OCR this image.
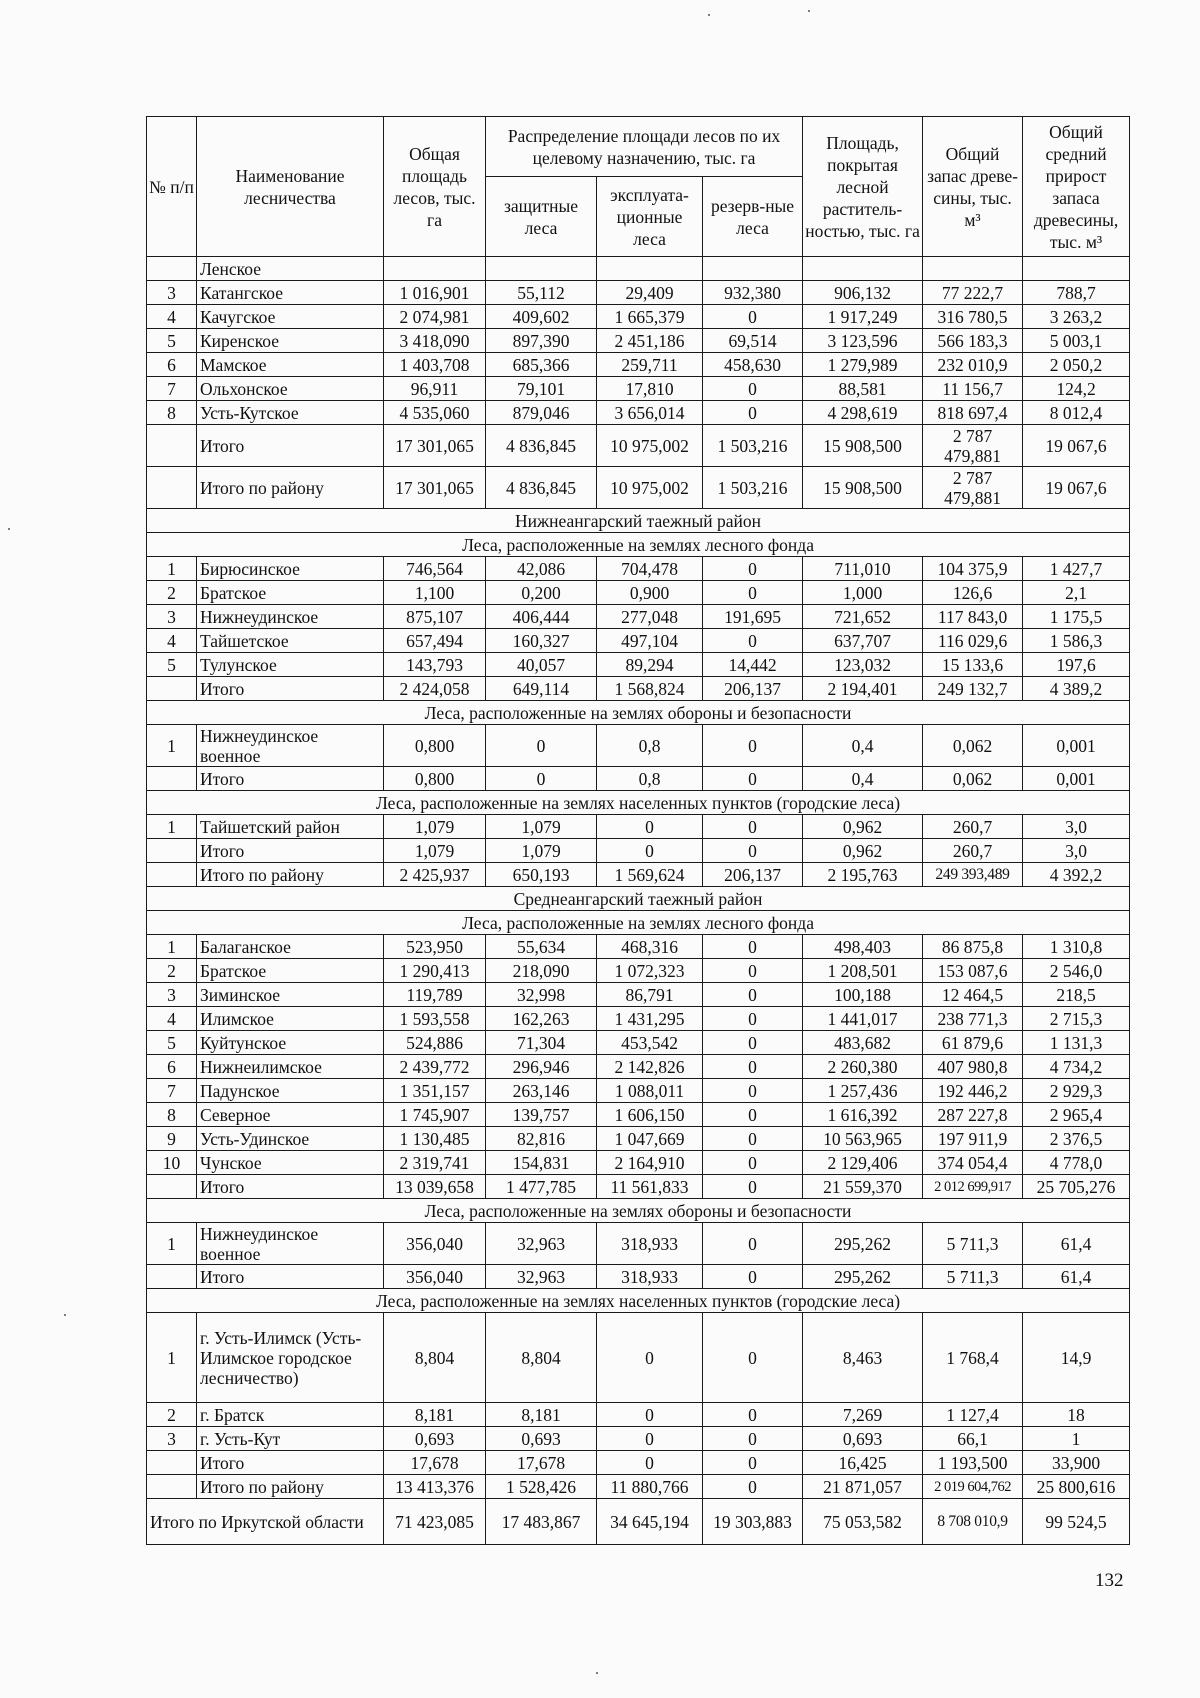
№ п/п	Наименование лесничества	Общая площадь лесов, тыс. га	Распределение площади лесов по их целевому назначению, тыс. га			Площадь, покрытая лесной раститель-ностью, тыс. га	Общий запас древе-сины, тыс. м³	Общий средний прирост запаса древесины, тыс. м³
			защитные леса	эксплуата-ционные леса	резерв-ные леса			
	Ленское							
3	Катангское	1 016,901	55,112	29,409	932,380	906,132	77 222,7	788,7
4	Качугское	2 074,981	409,602	1 665,379	0	1 917,249	316 780,5	3 263,2
5	Киренское	3 418,090	897,390	2 451,186	69,514	3 123,596	566 183,3	5 003,1
6	Мамское	1 403,708	685,366	259,711	458,630	1 279,989	232 010,9	2 050,2
7	Ольхонское	96,911	79,101	17,810	0	88,581	11 156,7	124,2
8	Усть-Кутское	4 535,060	879,046	3 656,014	0	4 298,619	818 697,4	8 012,4
	Итого	17 301,065	4 836,845	10 975,002	1 503,216	15 908,500	2 787 479,881	19 067,6
	Итого по району	17 301,065	4 836,845	10 975,002	1 503,216	15 908,500	2 787 479,881	19 067,6
Нижнеангарский таежный район								
Леса, расположенные на землях лесного фонда								
1	Бирюсинское	746,564	42,086	704,478	0	711,010	104 375,9	1 427,7
2	Братское	1,100	0,200	0,900	0	1,000	126,6	2,1
3	Нижнеудинское	875,107	406,444	277,048	191,695	721,652	117 843,0	1 175,5
4	Тайшетское	657,494	160,327	497,104	0	637,707	116 029,6	1 586,3
5	Тулунское	143,793	40,057	89,294	14,442	123,032	15 133,6	197,6
	Итого	2 424,058	649,114	1 568,824	206,137	2 194,401	249 132,7	4 389,2
Леса, расположенные на землях обороны и безопасности								
1	Нижнеудинское военное	0,800	0	0,8	0	0,4	0,062	0,001
	Итого	0,800	0	0,8	0	0,4	0,062	0,001
Леса, расположенные на землях населенных пунктов (городские леса)								
1	Тайшетский район	1,079	1,079	0	0	0,962	260,7	3,0
	Итого	1,079	1,079	0	0	0,962	260,7	3,0
	Итого по району	2 425,937	650,193	1 569,624	206,137	2 195,763	249 393,489	4 392,2
Среднеангарский таежный район								
Леса, расположенные на землях лесного фонда								
1	Балаганское	523,950	55,634	468,316	0	498,403	86 875,8	1 310,8
2	Братское	1 290,413	218,090	1 072,323	0	1 208,501	153 087,6	2 546,0
3	Зиминское	119,789	32,998	86,791	0	100,188	12 464,5	218,5
4	Илимское	1 593,558	162,263	1 431,295	0	1 441,017	238 771,3	2 715,3
5	Куйтунское	524,886	71,304	453,542	0	483,682	61 879,6	1 131,3
6	Нижнеилимское	2 439,772	296,946	2 142,826	0	2 260,380	407 980,8	4 734,2
7	Падунское	1 351,157	263,146	1 088,011	0	1 257,436	192 446,2	2 929,3
8	Северное	1 745,907	139,757	1 606,150	0	1 616,392	287 227,8	2 965,4
9	Усть-Удинское	1 130,485	82,816	1 047,669	0	10 563,965	197 911,9	2 376,5
10	Чунское	2 319,741	154,831	2 164,910	0	2 129,406	374 054,4	4 778,0
	Итого	13 039,658	1 477,785	11 561,833	0	21 559,370	2 012 699,917	25 705,276
Леса, расположенные на землях обороны и безопасности								
1	Нижнеудинское военное	356,040	32,963	318,933	0	295,262	5 711,3	61,4
	Итого	356,040	32,963	318,933	0	295,262	5 711,3	61,4
Леса, расположенные на землях населенных пунктов (городские леса)								
1	г. Усть-Илимск (Усть-Илимское городское лесничество)	8,804	8,804	0	0	8,463	1 768,4	14,9
2	г. Братск	8,181	8,181	0	0	7,269	1 127,4	18
3	г. Усть-Кут	0,693	0,693	0	0	0,693	66,1	1
	Итого	17,678	17,678	0	0	16,425	1 193,500	33,900
	Итого по району	13 413,376	1 528,426	11 880,766	0	21 871,057	2 019 604,762	25 800,616
Итого по Иркутской области		71 423,085	17 483,867	34 645,194	19 303,883	75 053,582	8 708 010,9	99 524,5
132
